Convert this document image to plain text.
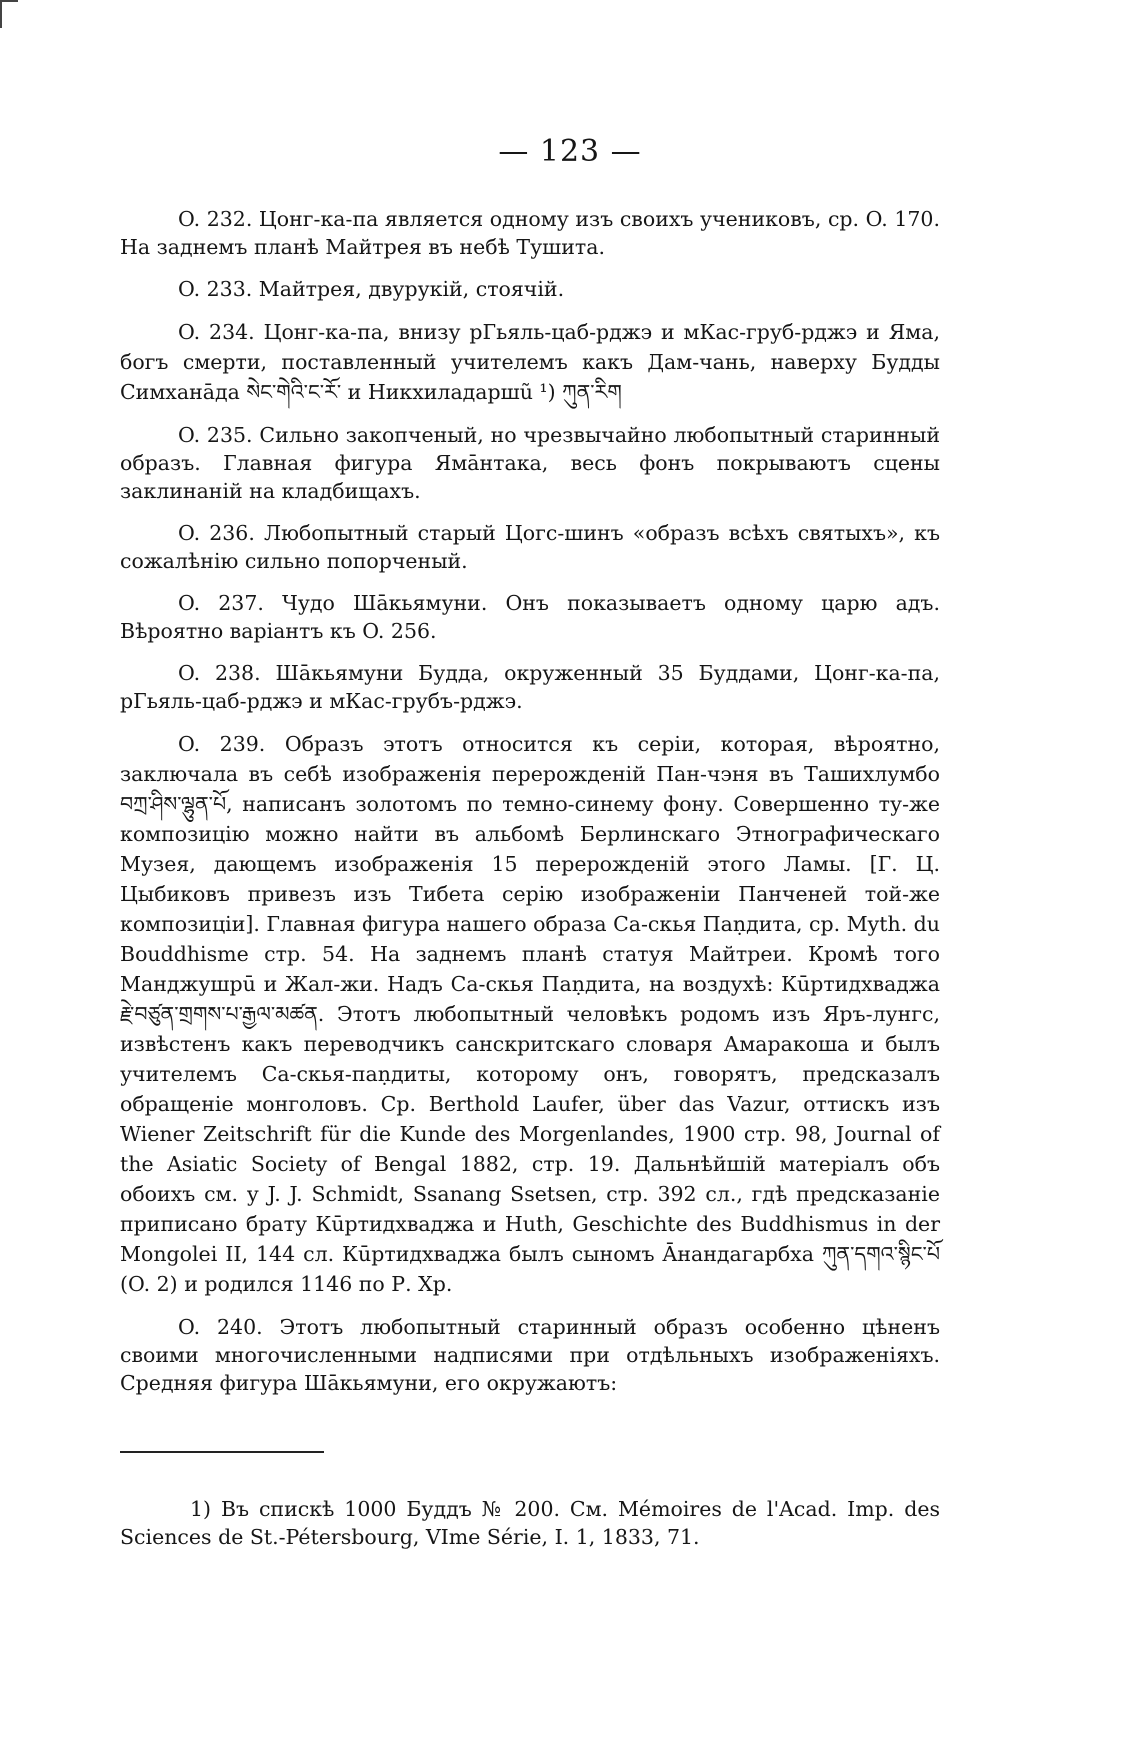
— 123 —

O. 232. Цонг-ка-па является одному изъ своихъ учениковъ, ср. O. 170. На заднемъ планѣ Майтрея въ небѣ Тушита.

O. 233. Майтрея, двурукій, стоячій.

O. 234. Цонг-ка-па, внизу рГьяль-цаб-рджэ и мКас-груб-рджэ и Яма, богъ смерти, поставленный учителемъ какъ Дам-чань, наверху Будды Симханāда སེང་གེའི་ང་རོ་ и Никхиладаршũ ¹) ཀུན་རིག

O. 235. Сильно закопченый, но чрезвычайно любопытный старинный образъ. Главная фигура Ямāнтака, весь фонъ покрываютъ сцены заклинаній на кладбищахъ.

O. 236. Любопытный старый Цогс-шинъ «образъ всѣхъ святыхъ», къ сожалѣнію сильно попорченый.

O. 237. Чудо Шāкьямуни. Онъ показываетъ одному царю адъ. Вѣроятно варіантъ къ O. 256.

O. 238. Шāкьямуни Будда, окруженный 35 Буддами, Цонг-ка-па, рГьяль-цаб-рджэ и мКас-грубъ-рджэ.

O. 239. Образъ этотъ относится къ серіи, которая, вѣроятно, заключала въ себѣ изображенія перерожденій Пан-чэня въ Ташихлумбо བཀྲ་ཤིས་ལྷུན་པོ, написанъ золотомъ по темно-синему фону. Совершенно ту-же композицію можно найти въ альбомѣ Берлинскаго Этнографическаго Музея, дающемъ изображенія 15 перерожденій этого Ламы. [Г. Ц. Цыбиковъ привезъ изъ Тибета серію изображеніи Панченей той-же композиціи]. Главная фигура нашего образа Са-скья Паṇдита, ср. Myth. du Bouddhisme стр. 54. На заднемъ планѣ статуя Майтреи. Кромѣ того Манджушрū и Жал-жи. Надъ Са-скья Паṇдита, на воздухѣ: Кūртидхваджа རྗེ་བཙུན་གྲགས་པ་རྒྱལ་མཚན. Этотъ любопытный человѣкъ родомъ изъ Яръ-лунгс, извѣстенъ какъ переводчикъ санскритскаго словаря Амаракоша и былъ учителемъ Са-скья-паṇдиты, которому онъ, говорятъ, предсказалъ обращеніе монголовъ. Ср. Berthold Laufer, über das Vazur, оттискъ изъ Wiener Zeitschrift für die Kunde des Morgenlandes, 1900 стр. 98, Journal of the Asiatic Society of Bengal 1882, стр. 19. Дальнѣйшій матеріалъ объ обоихъ см. у J. J. Schmidt, Ssanang Ssetsen, стр. 392 сл., гдѣ предсказаніе приписано брату Кūртидхваджа и Huth, Geschichte des Buddhismus in der Mongolei II, 144 сл. Кūртидхваджа былъ сыномъ Āнандагарбха ཀུན་དགའ་སྙིང་པོ (O. 2) и родился 1146 по Р. Хр.

O. 240. Этотъ любопытный старинный образъ особенно цѣненъ своими многочисленными надписями при отдѣльныхъ изображеніяхъ. Средняя фигура Шāкьямуни, его окружаютъ:

1) Въ спискѣ 1000 Буддъ № 200. См. Mémoires de l'Acad. Imp. des Sciences de St.-Pétersbourg, VIme Série, I. 1, 1833, 71.
